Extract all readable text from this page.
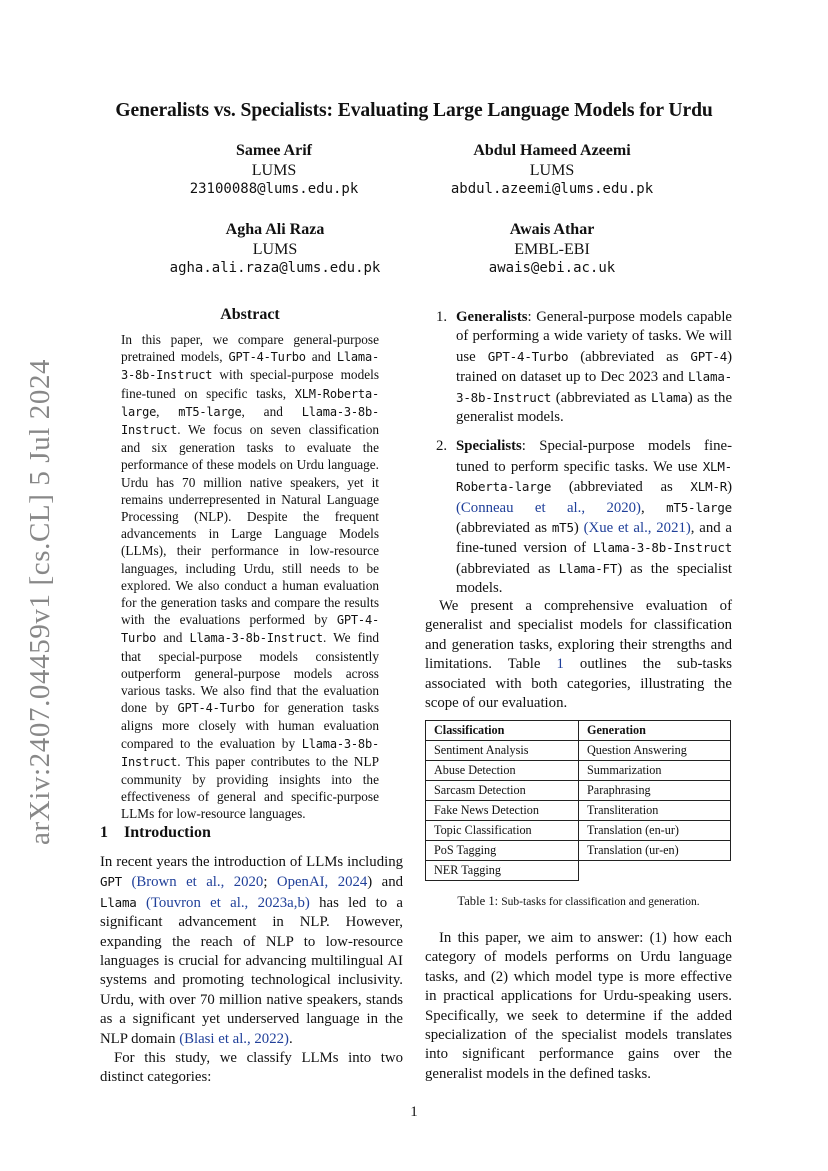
arXiv:2407.04459v1 [cs.CL] 5 Jul 2024
Generalists vs. Specialists: Evaluating Large Language Models for Urdu
Samee Arif
LUMS
23100088@lums.edu.pk
Abdul Hameed Azeemi
LUMS
abdul.azeemi@lums.edu.pk
Agha Ali Raza
LUMS
agha.ali.raza@lums.edu.pk
Awais Athar
EMBL-EBI
awais@ebi.ac.uk
Abstract
In this paper, we compare general-purpose pretrained models, GPT-4-Turbo and Llama-3-8b-Instruct with special-purpose models fine-tuned on specific tasks, XLM-Roberta-large, mT5-large, and Llama-3-8b-Instruct. We focus on seven classification and six generation tasks to evaluate the performance of these models on Urdu language. Urdu has 70 million native speakers, yet it remains underrepresented in Natural Language Processing (NLP). Despite the frequent advancements in Large Language Models (LLMs), their performance in low-resource languages, including Urdu, still needs to be explored. We also conduct a human evaluation for the generation tasks and compare the results with the evaluations performed by GPT-4-Turbo and Llama-3-8b-Instruct. We find that special-purpose models consistently outperform general-purpose models across various tasks. We also find that the evaluation done by GPT-4-Turbo for generation tasks aligns more closely with human evaluation compared to the evaluation by Llama-3-8b-Instruct. This paper contributes to the NLP community by providing insights into the effectiveness of general and specific-purpose LLMs for low-resource languages.
1 Introduction

In recent years the introduction of LLMs including GPT (Brown et al., 2020; OpenAI, 2024) and Llama (Touvron et al., 2023a,b) has led to a significant advancement in NLP. However, expanding the reach of NLP to low-resource languages is crucial for advancing multilingual AI systems and promoting technological inclusivity. Urdu, with over 70 million native speakers, stands as a significant yet underserved language in the NLP domain (Blasi et al., 2022).

For this study, we classify LLMs into two distinct categories:

1. Generalists: General-purpose models capable of performing a wide variety of tasks. We will use GPT-4-Turbo (abbreviated as GPT-4) trained on dataset up to Dec 2023 and Llama-3-8b-Instruct (abbreviated as Llama) as the generalist models.
2. Specialists: Special-purpose models fine-tuned to perform specific tasks. We use XLM-Roberta-large (abbreviated as XLM-R) (Conneau et al., 2020), mT5-large (abbreviated as mT5) (Xue et al., 2021), and a fine-tuned version of Llama-3-8b-Instruct (abbreviated as Llama-FT) as the specialist models.
We present a comprehensive evaluation of generalist and specialist models for classification and generation tasks, exploring their strengths and limitations. Table 1 outlines the sub-tasks associated with both categories, illustrating the scope of our evaluation.
Classification	Generation
Sentiment Analysis	Question Answering
Abuse Detection	Summarization
Sarcasm Detection	Paraphrasing
Fake News Detection	Transliteration
Topic Classification	Translation (en-ur)
PoS Tagging	Translation (ur-en)
NER Tagging	
Table 1: Sub-tasks for classification and generation.
In this paper, we aim to answer: (1) how each category of models performs on Urdu language tasks, and (2) which model type is more effective in practical applications for Urdu-speaking users. Specifically, we seek to determine if the added specialization of the specialist models translates into significant performance gains over the generalist models in the defined tasks.
1
